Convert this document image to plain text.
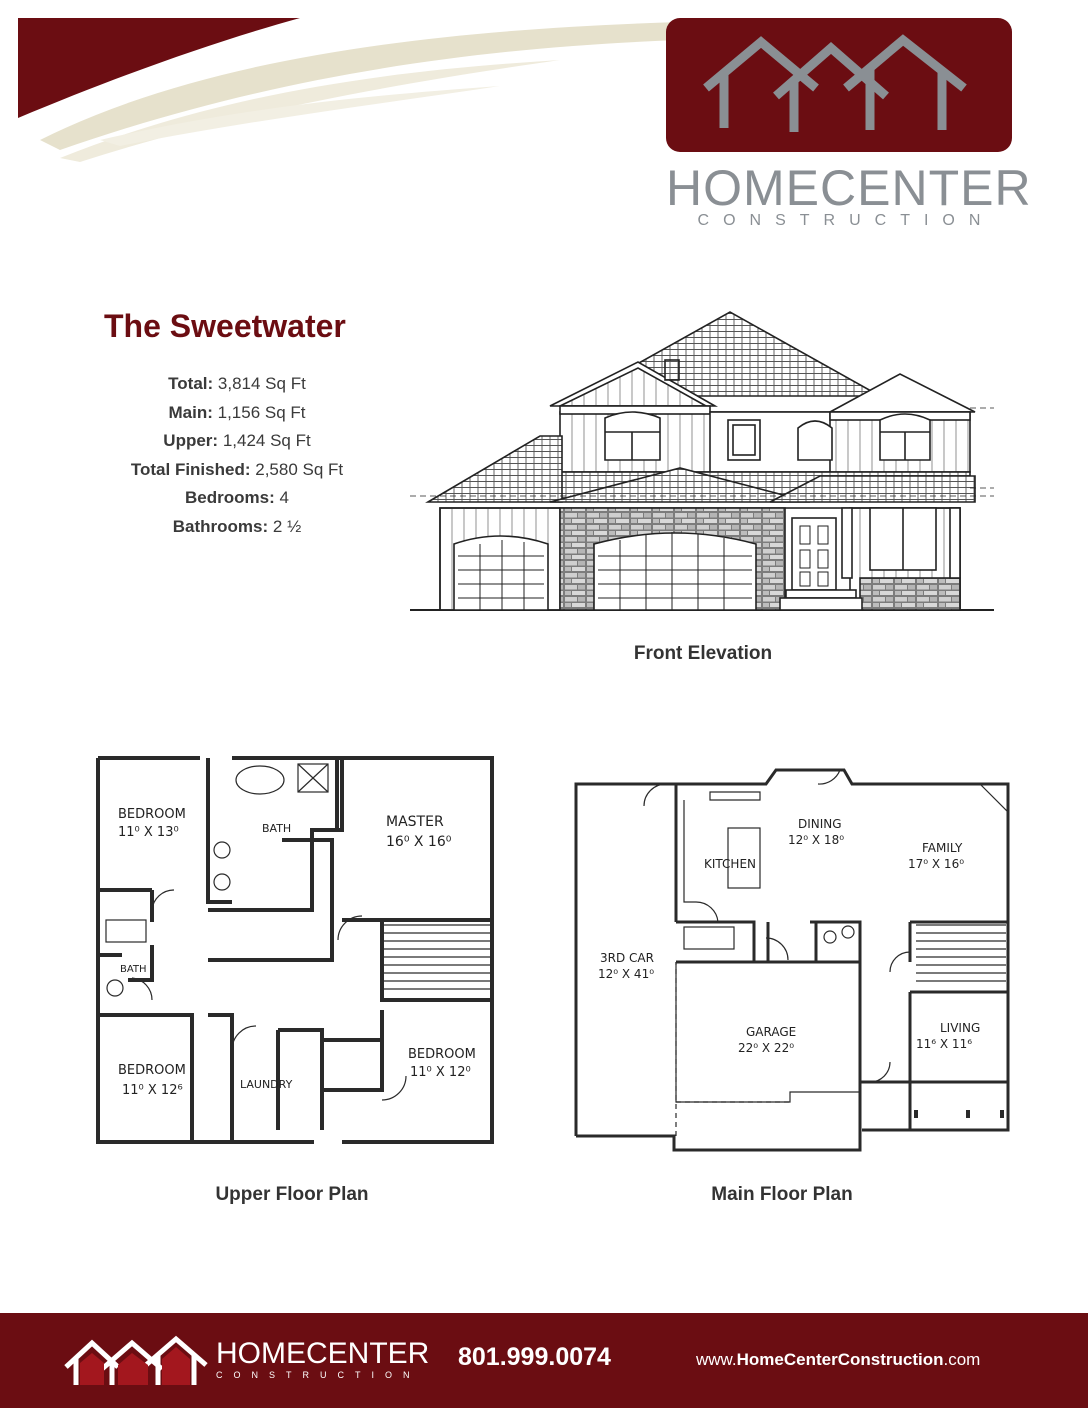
HOMECENTER
CONSTRUCTION
The Sweetwater
Total: 3,814 Sq Ft
Main: 1,156 Sq Ft
Upper: 1,424 Sq Ft
Total Finished: 2,580 Sq Ft
Bedrooms: 4
Bathrooms: 2 ½
Front Elevation
BEDROOM
11⁰ X 13⁰	BATH	MASTER
16⁰ X 16⁰
BATH
BEDROOM
11⁰ X 12⁶	LAUNDRY
BEDROOM
11⁰ X 12⁰
Upper Floor Plan
DINING
12⁰ X 18⁰
FAMILY
17⁰ X 16⁰
KITCHEN
3RD CAR
12⁰ X 41⁰
GARAGE
22⁰ X 22⁰
LIVING
11⁶ X 11⁶
Main Floor Plan
HOMECENTER
CONSTRUCTION
801.999.0074	www.HomeCenterConstruction.com
